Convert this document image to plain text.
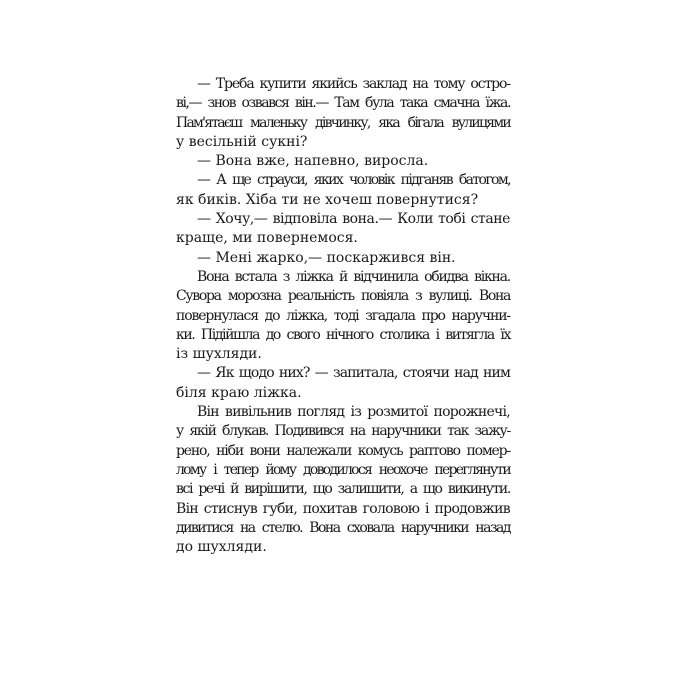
— Треба купити якийсь заклад на тому остро-
ві,— знов озвався він.— Там була така смачна їжа.
Пам'ятаєш маленьку дівчинку, яка бігала вулицями
у весільній сукні?
— Вона вже, напевно, виросла.
— А ще страуси, яких чоловік підганяв батогом,
як биків. Хіба ти не хочеш повернутися?
— Хочу,— відповіла вона.— Коли тобі стане
краще, ми повернемося.
— Мені жарко,— поскаржився він.
Вона встала з ліжка й відчинила обидва вікна.
Сувора морозна реальність повіяла з вулиці. Вона
повернулася до ліжка, тоді згадала про наручни-
ки. Підійшла до свого нічного столика і витягла їх
із шухляди.
— Як щодо них? — запитала, стоячи над ним
біля краю ліжка.
Він вивільнив погляд із розмитої порожнечі,
у якій блукав. Подивився на наручники так зажу-
рено, ніби вони належали комусь раптово помер-
лому і тепер йому доводилося неохоче переглянути
всі речі й вирішити, що залишити, а що викинути.
Він стиснув губи, похитав головою і продовжив
дивитися на стелю. Вона сховала наручники назад
до шухляди.
